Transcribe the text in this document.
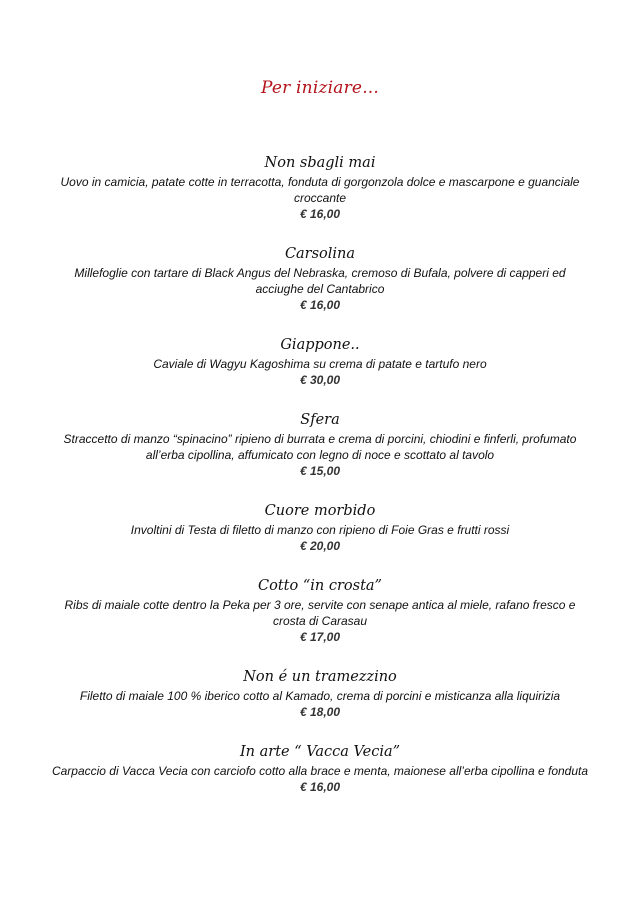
Per iniziare...

Non sbagli mai

Uovo in camicia, patate cotte in terracotta, fonduta di gorgonzola dolce e mascarpone e guanciale croccante

€ 16,00

Carsolina

Millefoglie con tartare di Black Angus del Nebraska, cremoso di Bufala, polvere di capperi ed acciughe del Cantabrico

€ 16,00

Giappone..

Caviale di Wagyu Kagoshima su crema di patate e tartufo nero

€ 30,00

Sfera

Straccetto di manzo “spinacino” ripieno di burrata e crema di porcini, chiodini e finferli, profumato all’erba cipollina, affumicato con legno di noce e scottato al tavolo

€ 15,00

Cuore morbido

Involtini di Testa di filetto di manzo con ripieno di Foie Gras e frutti rossi

€ 20,00

Cotto “in crosta”

Ribs di maiale cotte dentro la Peka per 3 ore, servite con senape antica al miele, rafano fresco e crosta di Carasau

€ 17,00

Non é un tramezzino

Filetto di maiale 100 % iberico cotto al Kamado, crema di porcini e misticanza alla liquirizia

€ 18,00

In arte “ Vacca Vecia”

Carpaccio di Vacca Vecia con carciofo cotto alla brace e menta, maionese all’erba cipollina e fonduta

€ 16,00
